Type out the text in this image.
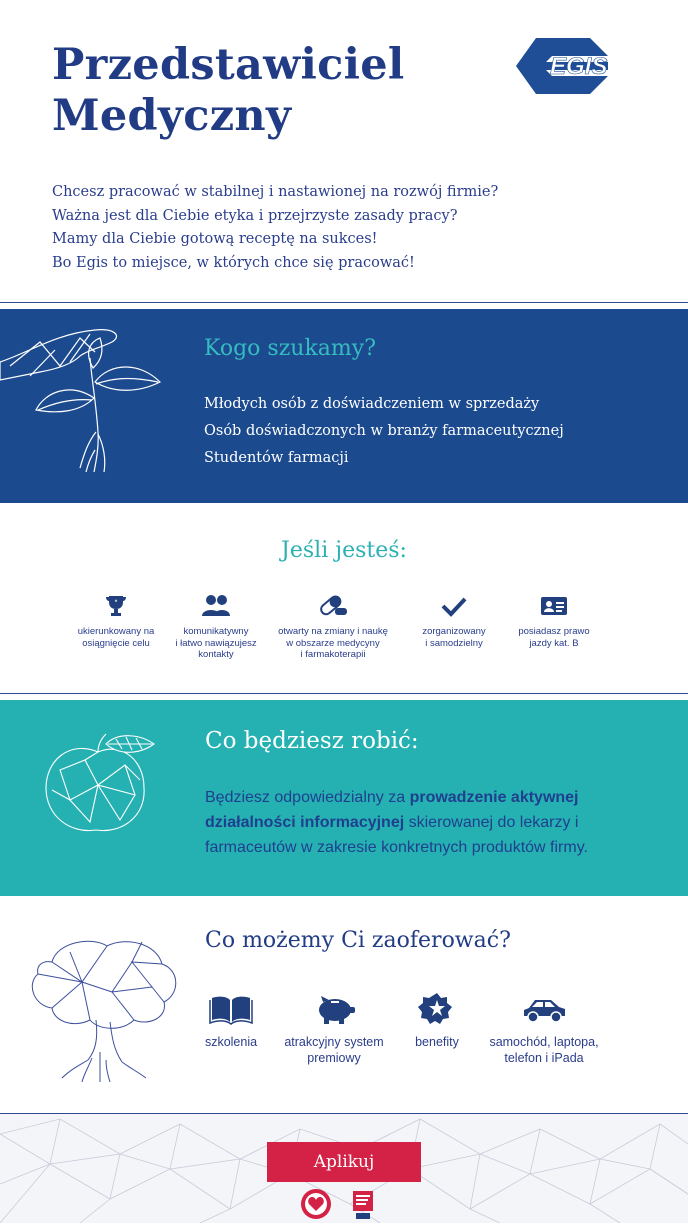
Przedstawiciel
Medyczny
EGIS
Chcesz pracować w stabilnej i nastawionej na rozwój firmie?
Ważna jest dla Ciebie etyka i przejrzyste zasady pracy?
Mamy dla Ciebie gotową receptę na sukces!
Bo Egis to miejsce, w których chce się pracować!
Kogo szukamy?
Młodych osób z doświadczeniem w sprzedaży
Osób doświadczonych w branży farmaceutycznej
Studentów farmacji
Jeśli jesteś:
ukierunkowany na
osiągnięcie celu
komunikatywny
i łatwo nawiązujesz
kontakty
otwarty na zmiany i naukę
w obszarze medycyny
i farmakoterapii
zorganizowany
i samodzielny
posiadasz prawo
jazdy kat. B
Co będziesz robić:

Będziesz odpowiedzialny za prowadzenie aktywnej działalności informacyjnej skierowanej do lekarzy i farmaceutów w zakresie konkretnych produktów firmy.

Co możemy Ci zaoferować?
szkolenia	atrakcyjny system
premiowy
benefity	samochód, laptopa,
telefon i iPada
Aplikuj
